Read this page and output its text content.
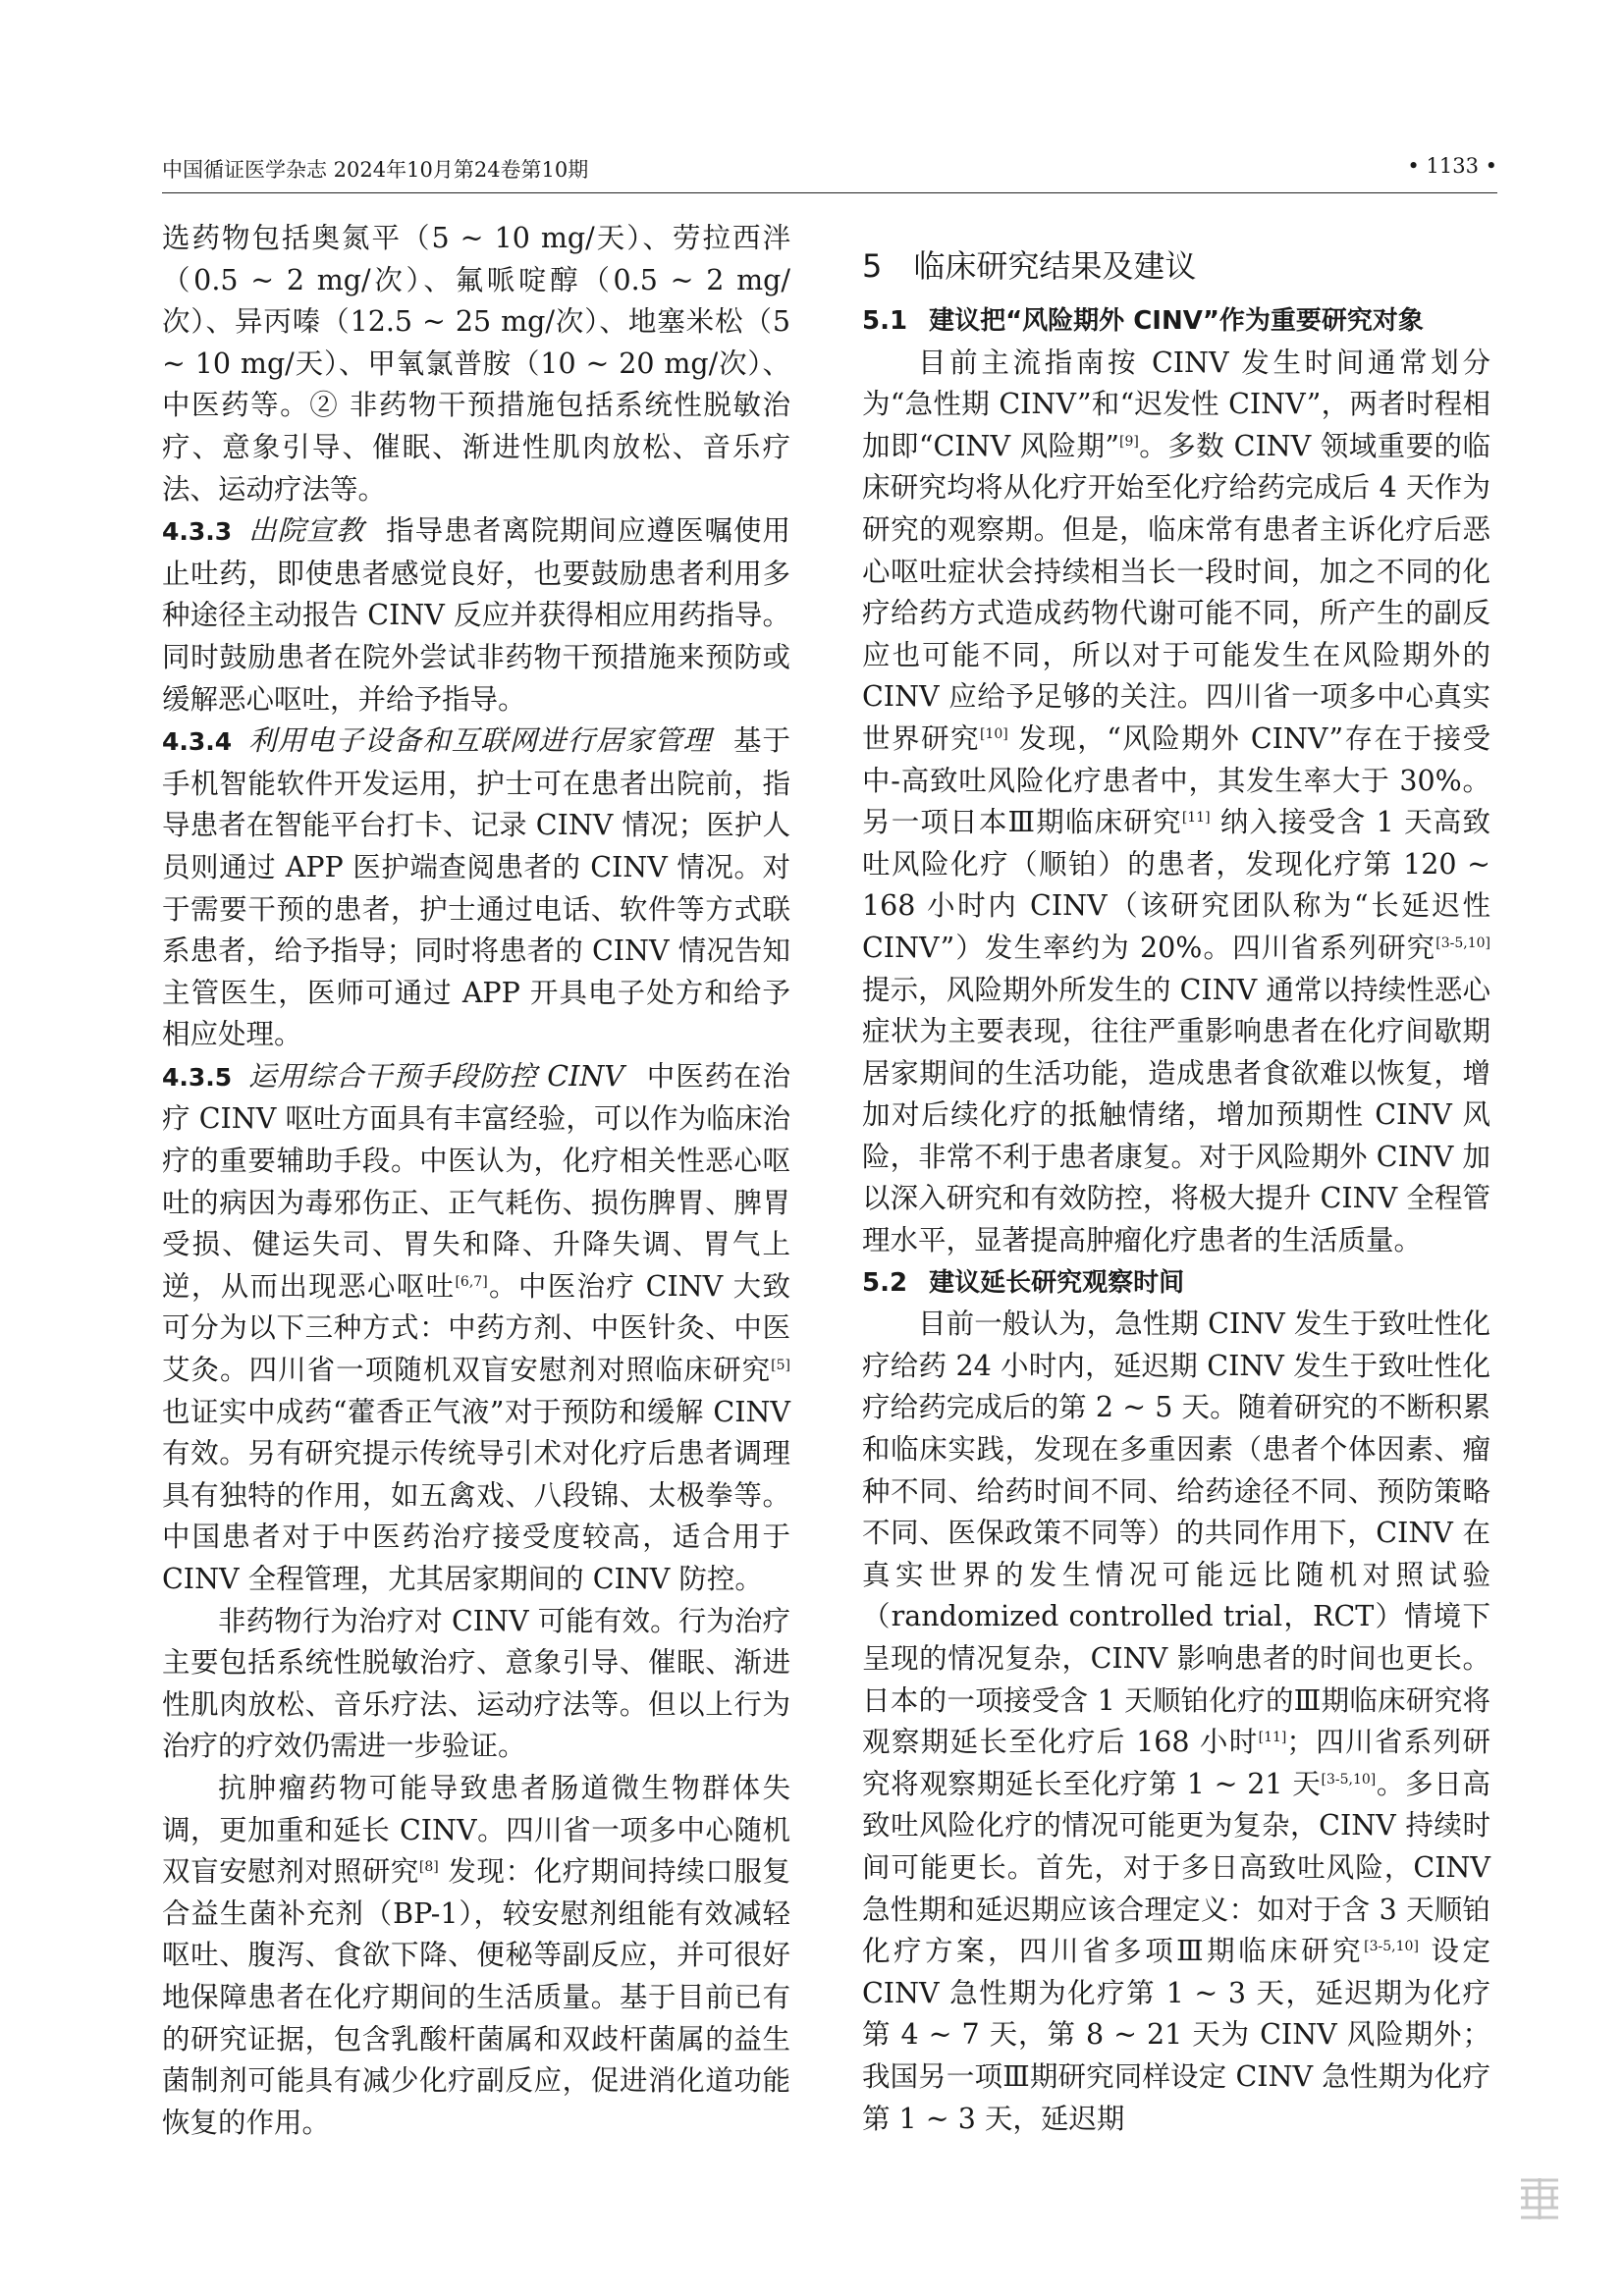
中国循证医学杂志 2024年10月第24卷第10期	• 1133 •

选药物包括奥氮平（5 ~ 10 mg/天）、劳拉西泮（0.5 ~ 2 mg/次）、氟哌啶醇（0.5 ~ 2 mg/次）、异丙嗪（12.5 ~ 25 mg/次）、地塞米松（5 ~ 10 mg/天）、甲氧氯普胺（10 ~ 20 mg/次）、中医药等。② 非药物干预措施包括系统性脱敏治疗、意象引导、催眠、渐进性肌肉放松、音乐疗法、运动疗法等。

4.3.3 出院宣教 指导患者离院期间应遵医嘱使用止吐药，即使患者感觉良好，也要鼓励患者利用多种途径主动报告 CINV 反应并获得相应用药指导。同时鼓励患者在院外尝试非药物干预措施来预防或缓解恶心呕吐，并给予指导。

4.3.4 利用电子设备和互联网进行居家管理 基于手机智能软件开发运用，护士可在患者出院前，指导患者在智能平台打卡、记录 CINV 情况；医护人员则通过 APP 医护端查阅患者的 CINV 情况。对于需要干预的患者，护士通过电话、软件等方式联系患者，给予指导；同时将患者的 CINV 情况告知主管医生，医师可通过 APP 开具电子处方和给予相应处理。

4.3.5 运用综合干预手段防控 CINV 中医药在治疗 CINV 呕吐方面具有丰富经验，可以作为临床治疗的重要辅助手段。中医认为，化疗相关性恶心呕吐的病因为毒邪伤正、正气耗伤、损伤脾胃、脾胃受损、健运失司、胃失和降、升降失调、胃气上逆，从而出现恶心呕吐[6,7]。中医治疗 CINV 大致可分为以下三种方式：中药方剂、中医针灸、中医艾灸。四川省一项随机双盲安慰剂对照临床研究[5] 也证实中成药“藿香正气液”对于预防和缓解 CINV 有效。另有研究提示传统导引术对化疗后患者调理具有独特的作用，如五禽戏、八段锦、太极拳等。中国患者对于中医药治疗接受度较高，适合用于 CINV 全程管理，尤其居家期间的 CINV 防控。

非药物行为治疗对 CINV 可能有效。行为治疗主要包括系统性脱敏治疗、意象引导、催眠、渐进性肌肉放松、音乐疗法、运动疗法等。但以上行为治疗的疗效仍需进一步验证。

抗肿瘤药物可能导致患者肠道微生物群体失调，更加重和延长 CINV。四川省一项多中心随机双盲安慰剂对照研究[8] 发现：化疗期间持续口服复合益生菌补充剂（BP-1），较安慰剂组能有效减轻呕吐、腹泻、食欲下降、便秘等副反应，并可很好地保障患者在化疗期间的生活质量。基于目前已有的研究证据，包含乳酸杆菌属和双歧杆菌属的益生菌制剂可能具有减少化疗副反应，促进消化道功能恢复的作用。

5　临床研究结果及建议
5.1 建议把“风险期外 CINV”作为重要研究对象

目前主流指南按 CINV 发生时间通常划分为“急性期 CINV”和“迟发性 CINV”，两者时程相加即“CINV 风险期”[9]。多数 CINV 领域重要的临床研究均将从化疗开始至化疗给药完成后 4 天作为研究的观察期。但是，临床常有患者主诉化疗后恶心呕吐症状会持续相当长一段时间，加之不同的化疗给药方式造成药物代谢可能不同，所产生的副反应也可能不同，所以对于可能发生在风险期外的 CINV 应给予足够的关注。四川省一项多中心真实世界研究[10] 发现，“风险期外 CINV”存在于接受中-高致吐风险化疗患者中，其发生率大于 30%。另一项日本Ⅲ期临床研究[11] 纳入接受含 1 天高致吐风险化疗（顺铂）的患者，发现化疗第 120 ~ 168 小时内 CINV（该研究团队称为“长延迟性 CINV”）发生率约为 20%。四川省系列研究[3-5,10] 提示，风险期外所发生的 CINV 通常以持续性恶心症状为主要表现，往往严重影响患者在化疗间歇期居家期间的生活功能，造成患者食欲难以恢复，增加对后续化疗的抵触情绪，增加预期性 CINV 风险，非常不利于患者康复。对于风险期外 CINV 加以深入研究和有效防控，将极大提升 CINV 全程管理水平，显著提高肿瘤化疗患者的生活质量。

5.2 建议延长研究观察时间

目前一般认为，急性期 CINV 发生于致吐性化疗给药 24 小时内，延迟期 CINV 发生于致吐性化疗给药完成后的第 2 ~ 5 天。随着研究的不断积累和临床实践，发现在多重因素（患者个体因素、瘤种不同、给药时间不同、给药途径不同、预防策略不同、医保政策不同等）的共同作用下，CINV 在真实世界的发生情况可能远比随机对照试验（randomized controlled trial，RCT）情境下呈现的情况复杂，CINV 影响患者的时间也更长。日本的一项接受含 1 天顺铂化疗的Ⅲ期临床研究将观察期延长至化疗后 168 小时[11]；四川省系列研究将观察期延长至化疗第 1 ~ 21 天[3-5,10]。多日高致吐风险化疗的情况可能更为复杂，CINV 持续时间可能更长。首先，对于多日高致吐风险，CINV 急性期和延迟期应该合理定义：如对于含 3 天顺铂化疗方案，四川省多项Ⅲ期临床研究[3-5,10] 设定 CINV 急性期为化疗第 1 ~ 3 天，延迟期为化疗第 4 ~ 7 天，第 8 ~ 21 天为 CINV 风险期外；我国另一项Ⅲ期研究同样设定 CINV 急性期为化疗第 1 ~ 3 天，延迟期
